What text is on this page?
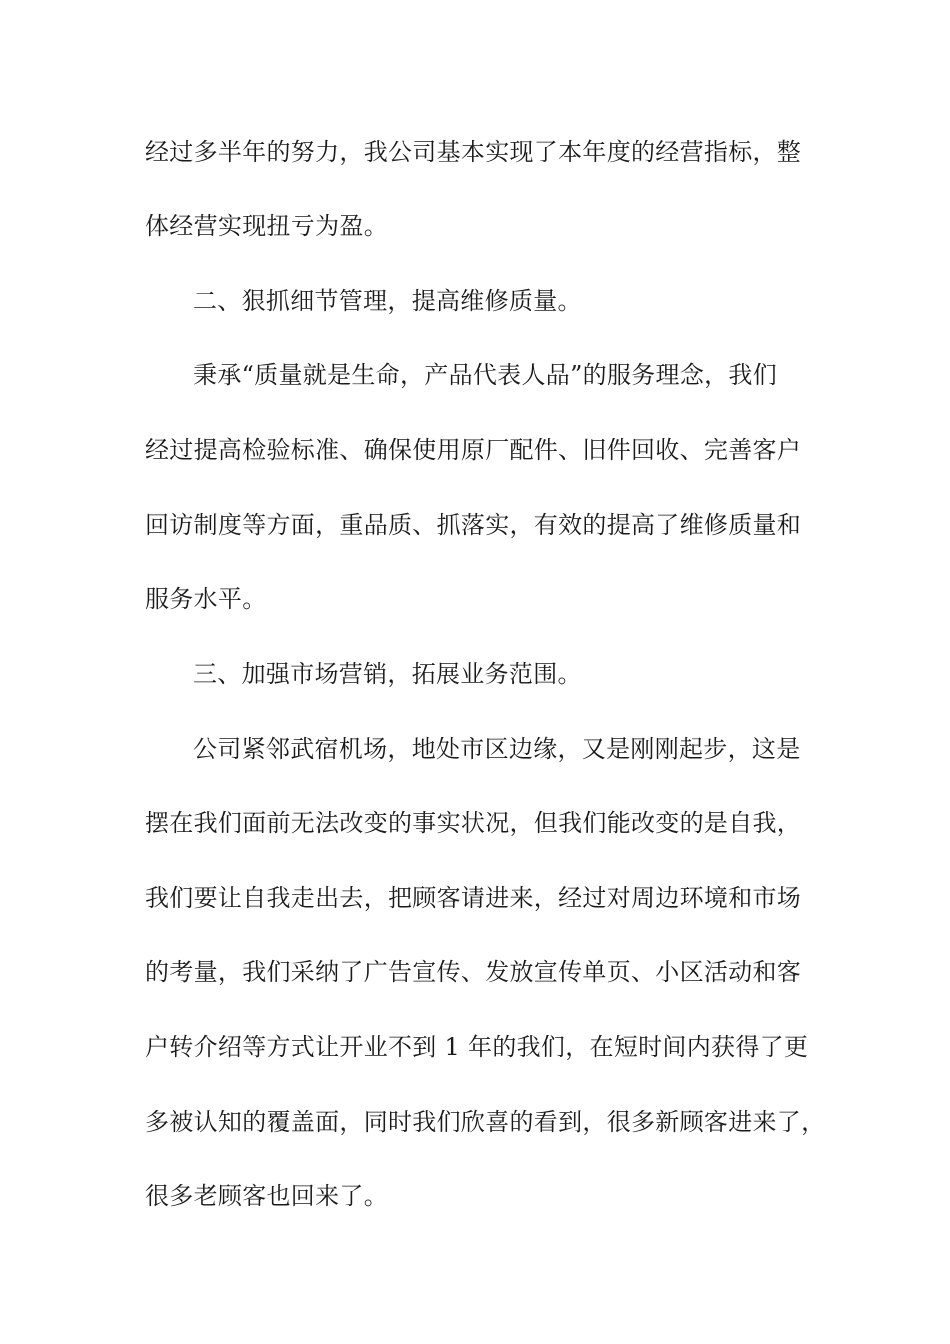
经过多半年的努力，我公司基本实现了本年度的经营指标，整
体经营实现扭亏为盈。
二、狠抓细节管理，提高维修质量。
秉承“质量就是生命，产品代表人品”的服务理念，我们
经过提高检验标准、确保使用原厂配件、旧件回收、完善客户
回访制度等方面，重品质、抓落实，有效的提高了维修质量和
服务水平。
三、加强市场营销，拓展业务范围。
公司紧邻武宿机场，地处市区边缘，又是刚刚起步，这是
摆在我们面前无法改变的事实状况，但我们能改变的是自我，
我们要让自我走出去，把顾客请进来，经过对周边环境和市场
的考量，我们采纳了广告宣传、发放宣传单页、小区活动和客
户转介绍等方式让开业不到 1 年的我们，在短时间内获得了更
多被认知的覆盖面，同时我们欣喜的看到，很多新顾客进来了，
很多老顾客也回来了。
